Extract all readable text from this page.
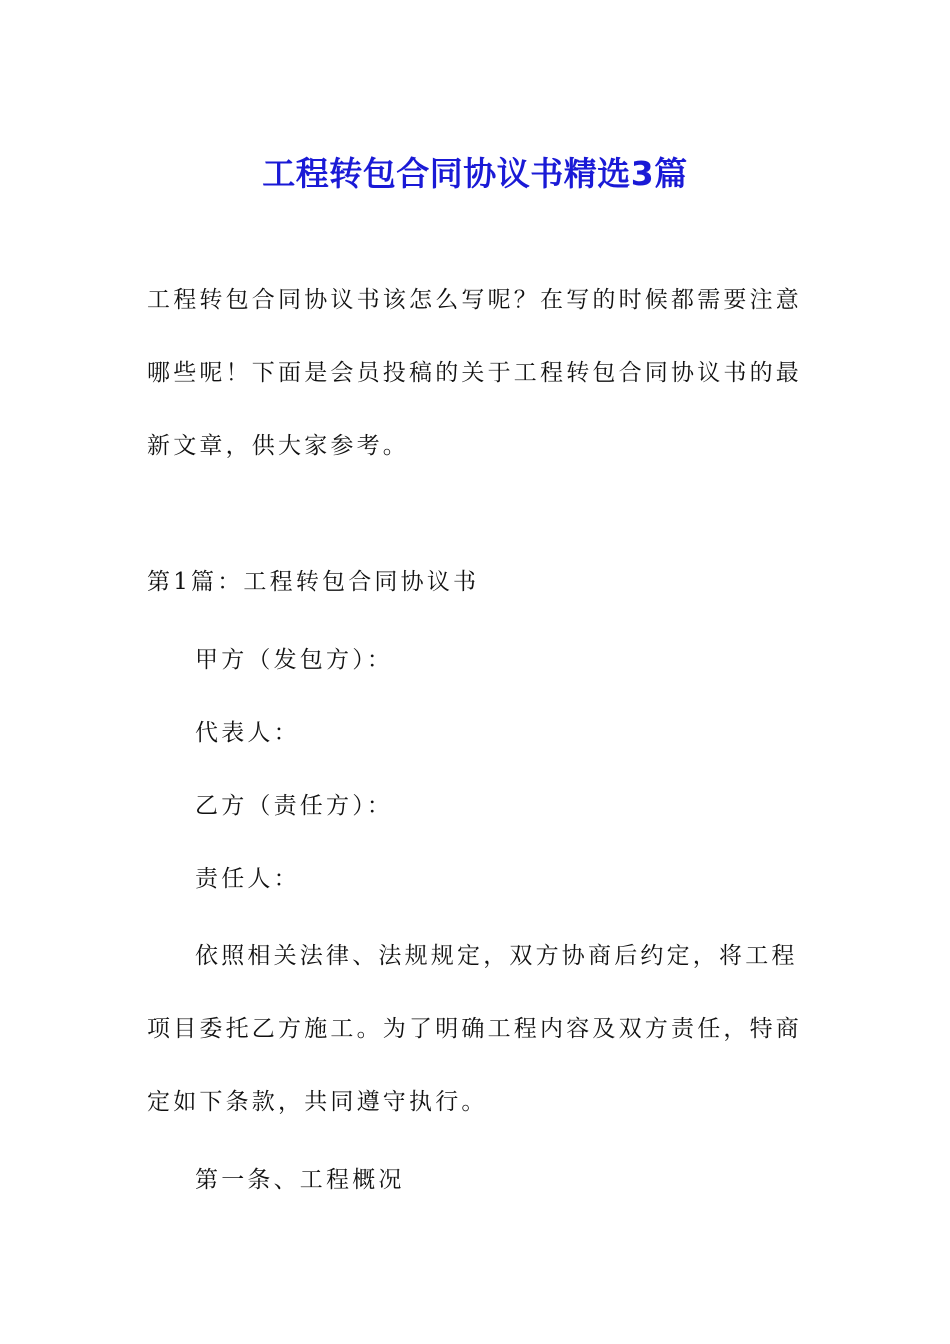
工程转包合同协议书精选3篇

工程转包合同协议书该怎么写呢？在写的时候都需要注意哪些呢！下面是会员投稿的关于工程转包合同协议书的最新文章，供大家参考。

第1篇：工程转包合同协议书

甲方（发包方）：

代表人：

乙方（责任方）：

责任人：

依照相关法律、法规规定，双方协商后约定，将工程项目委托乙方施工。为了明确工程内容及双方责任，特商定如下条款，共同遵守执行。

第一条、工程概况
